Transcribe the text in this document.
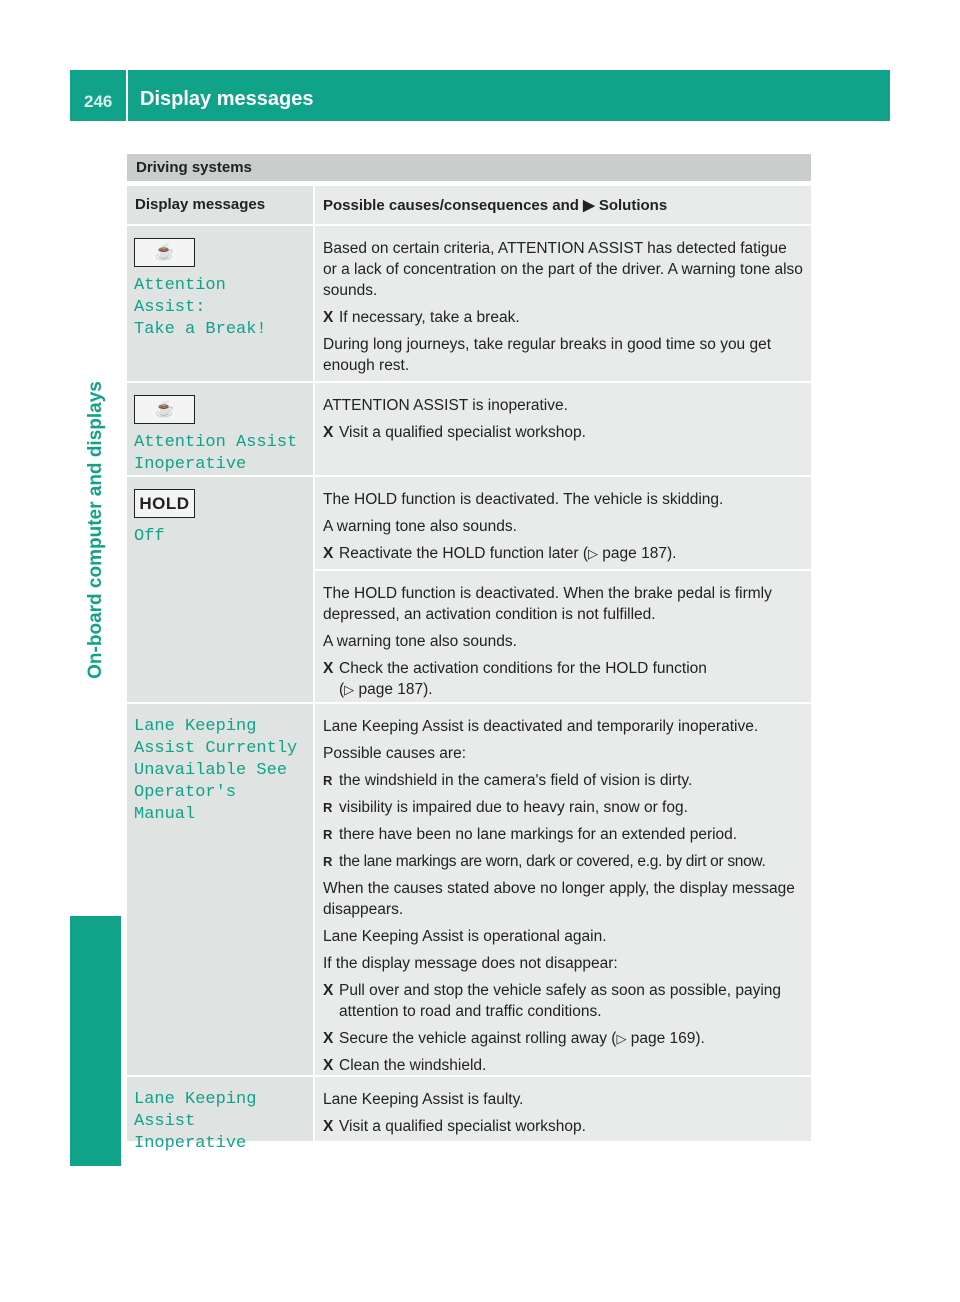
246 Display messages
On-board computer and displays
Driving systems
Display messages	Possible causes/consequences and ▶ Solutions
☕
Attention Assist:
Take a Break!

Based on certain criteria, ATTENTION ASSIST has detected fatigue or a lack of concentration on the part of the driver. A warning tone also sounds.

X If necessary, take a break.

During long journeys, take regular breaks in good time so you get enough rest.

☕
Attention Assist
Inoperative

ATTENTION ASSIST is inoperative.

X Visit a qualified specialist workshop.
HOLD
Off

The HOLD function is deactivated. The vehicle is skidding.

A warning tone also sounds.

X Reactivate the HOLD function later (▷ page 187).

The HOLD function is deactivated. When the brake pedal is firmly depressed, an activation condition is not fulfilled.

A warning tone also sounds.

X Check the activation conditions for the HOLD function
(▷ page 187).
Lane Keeping
Assist Currently
Unavailable See
Operator's Manual

Lane Keeping Assist is deactivated and temporarily inoperative.

Possible causes are:

R the windshield in the camera's field of vision is dirty.
R visibility is impaired due to heavy rain, snow or fog.
R there have been no lane markings for an extended period.
R the lane markings are worn, dark or covered, e.g. by dirt or snow.

When the causes stated above no longer apply, the display message disappears.

Lane Keeping Assist is operational again.

If the display message does not disappear:

X Pull over and stop the vehicle safely as soon as possible, paying attention to road and traffic conditions.
X Secure the vehicle against rolling away (▷ page 169).
X Clean the windshield.
Lane Keeping
Assist Inoperative

Lane Keeping Assist is faulty.

X Visit a qualified specialist workshop.
